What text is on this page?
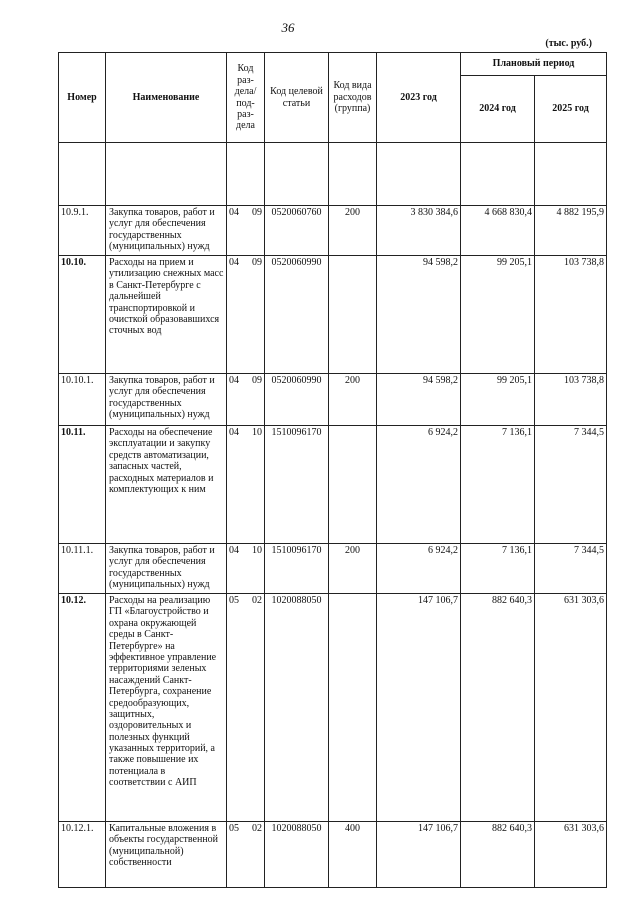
36
(тыс. руб.)
Номер	Наименование	Код раз-дела/ под-раз-дела	Код целевой статьи	Код вида расходов (группа)	2023 год	Плановый период	
						2024 год	2025 год

10.9.1.	Закупка товаров, работ и услуг для обеспечения государственных (муниципальных) нужд	04 09	0520060760	200	3 830 384,6	4 668 830,4	4 882 195,9
10.10.	Расходы на прием и утилизацию снежных масс в Санкт-Петербурге с дальнейшей транспортировкой и очисткой образовавшихся сточных вод	04 09	0520060990		94 598,2	99 205,1	103 738,8
10.10.1.	Закупка товаров, работ и услуг для обеспечения государственных (муниципальных) нужд	04 09	0520060990	200	94 598,2	99 205,1	103 738,8
10.11.	Расходы на обеспечение эксплуатации и закупку средств автоматизации, запасных частей, расходных материалов и комплектующих к ним	04 10	1510096170		6 924,2	7 136,1	7 344,5
10.11.1.	Закупка товаров, работ и услуг для обеспечения государственных (муниципальных) нужд	04 10	1510096170	200	6 924,2	7 136,1	7 344,5
10.12.	Расходы на реализацию ГП «Благоустройство и охрана окружающей среды в Санкт-Петербурге» на эффективное управление территориями зеленых насаждений Санкт-Петербурга, сохранение средообразующих, защитных, оздоровительных и полезных функций указанных территорий, а также повышение их потенциала в соответствии с АИП	05 02	1020088050		147 106,7	882 640,3	631 303,6
10.12.1.	Капитальные вложения в объекты государственной (муниципальной) собственности	05 02	1020088050	400	147 106,7	882 640,3	631 303,6
